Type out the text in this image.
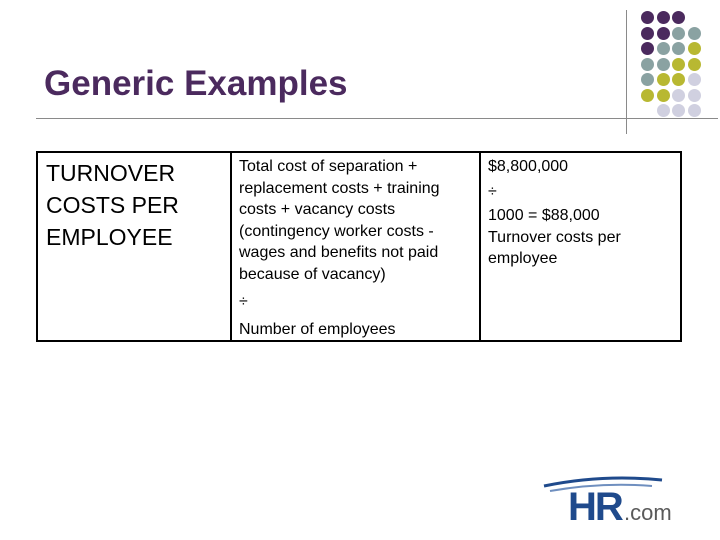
Generic Examples
TURNOVER
COSTS PER
EMPLOYEE

Total cost of separation +
replacement costs + training
costs + vacancy costs
(contingency worker costs -
wages and benefits not paid
because of vacancy)
÷
Number of employees

$8,800,000
÷
1000 = $88,000
Turnover costs per
employee
HR .com
